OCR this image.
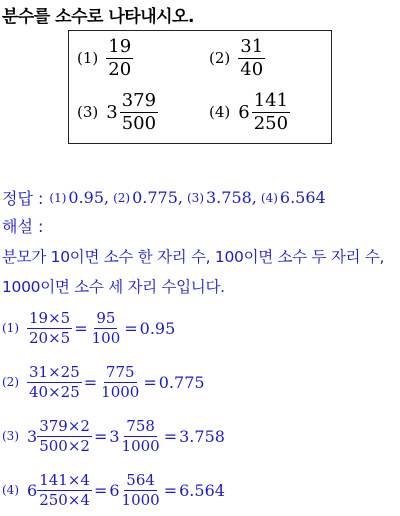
분수를 소수로 나타내시오.
$(1) \frac{19}{20}$	$(2) \frac{31}{40}$
(3) $3 \frac{379}{500}$	(4) $6 \frac{141}{250}$
정답 : (1) 0.95, (2) 0.775, (3) 3.758, (4) 6.564
해설 :
분모가 10이면 소수 한 자리 수, 100이면 소수 두 자리 수, 1000이면 소수 세 자리 수입니다.
$(1) \frac{19\times 5}{20\times 5} = \frac{95}{100} = 0.95$
$(2) \frac{31\times 25}{40\times 25} = \frac{775}{1000} = 0.775$
(3) $3 \frac{379\times 2}{500\times 2} = 3 \frac{758}{1000} = 3.758$
(4) $6 \frac{141\times 4}{250\times 4} = 6 \frac{564}{1000} = 6.564$
